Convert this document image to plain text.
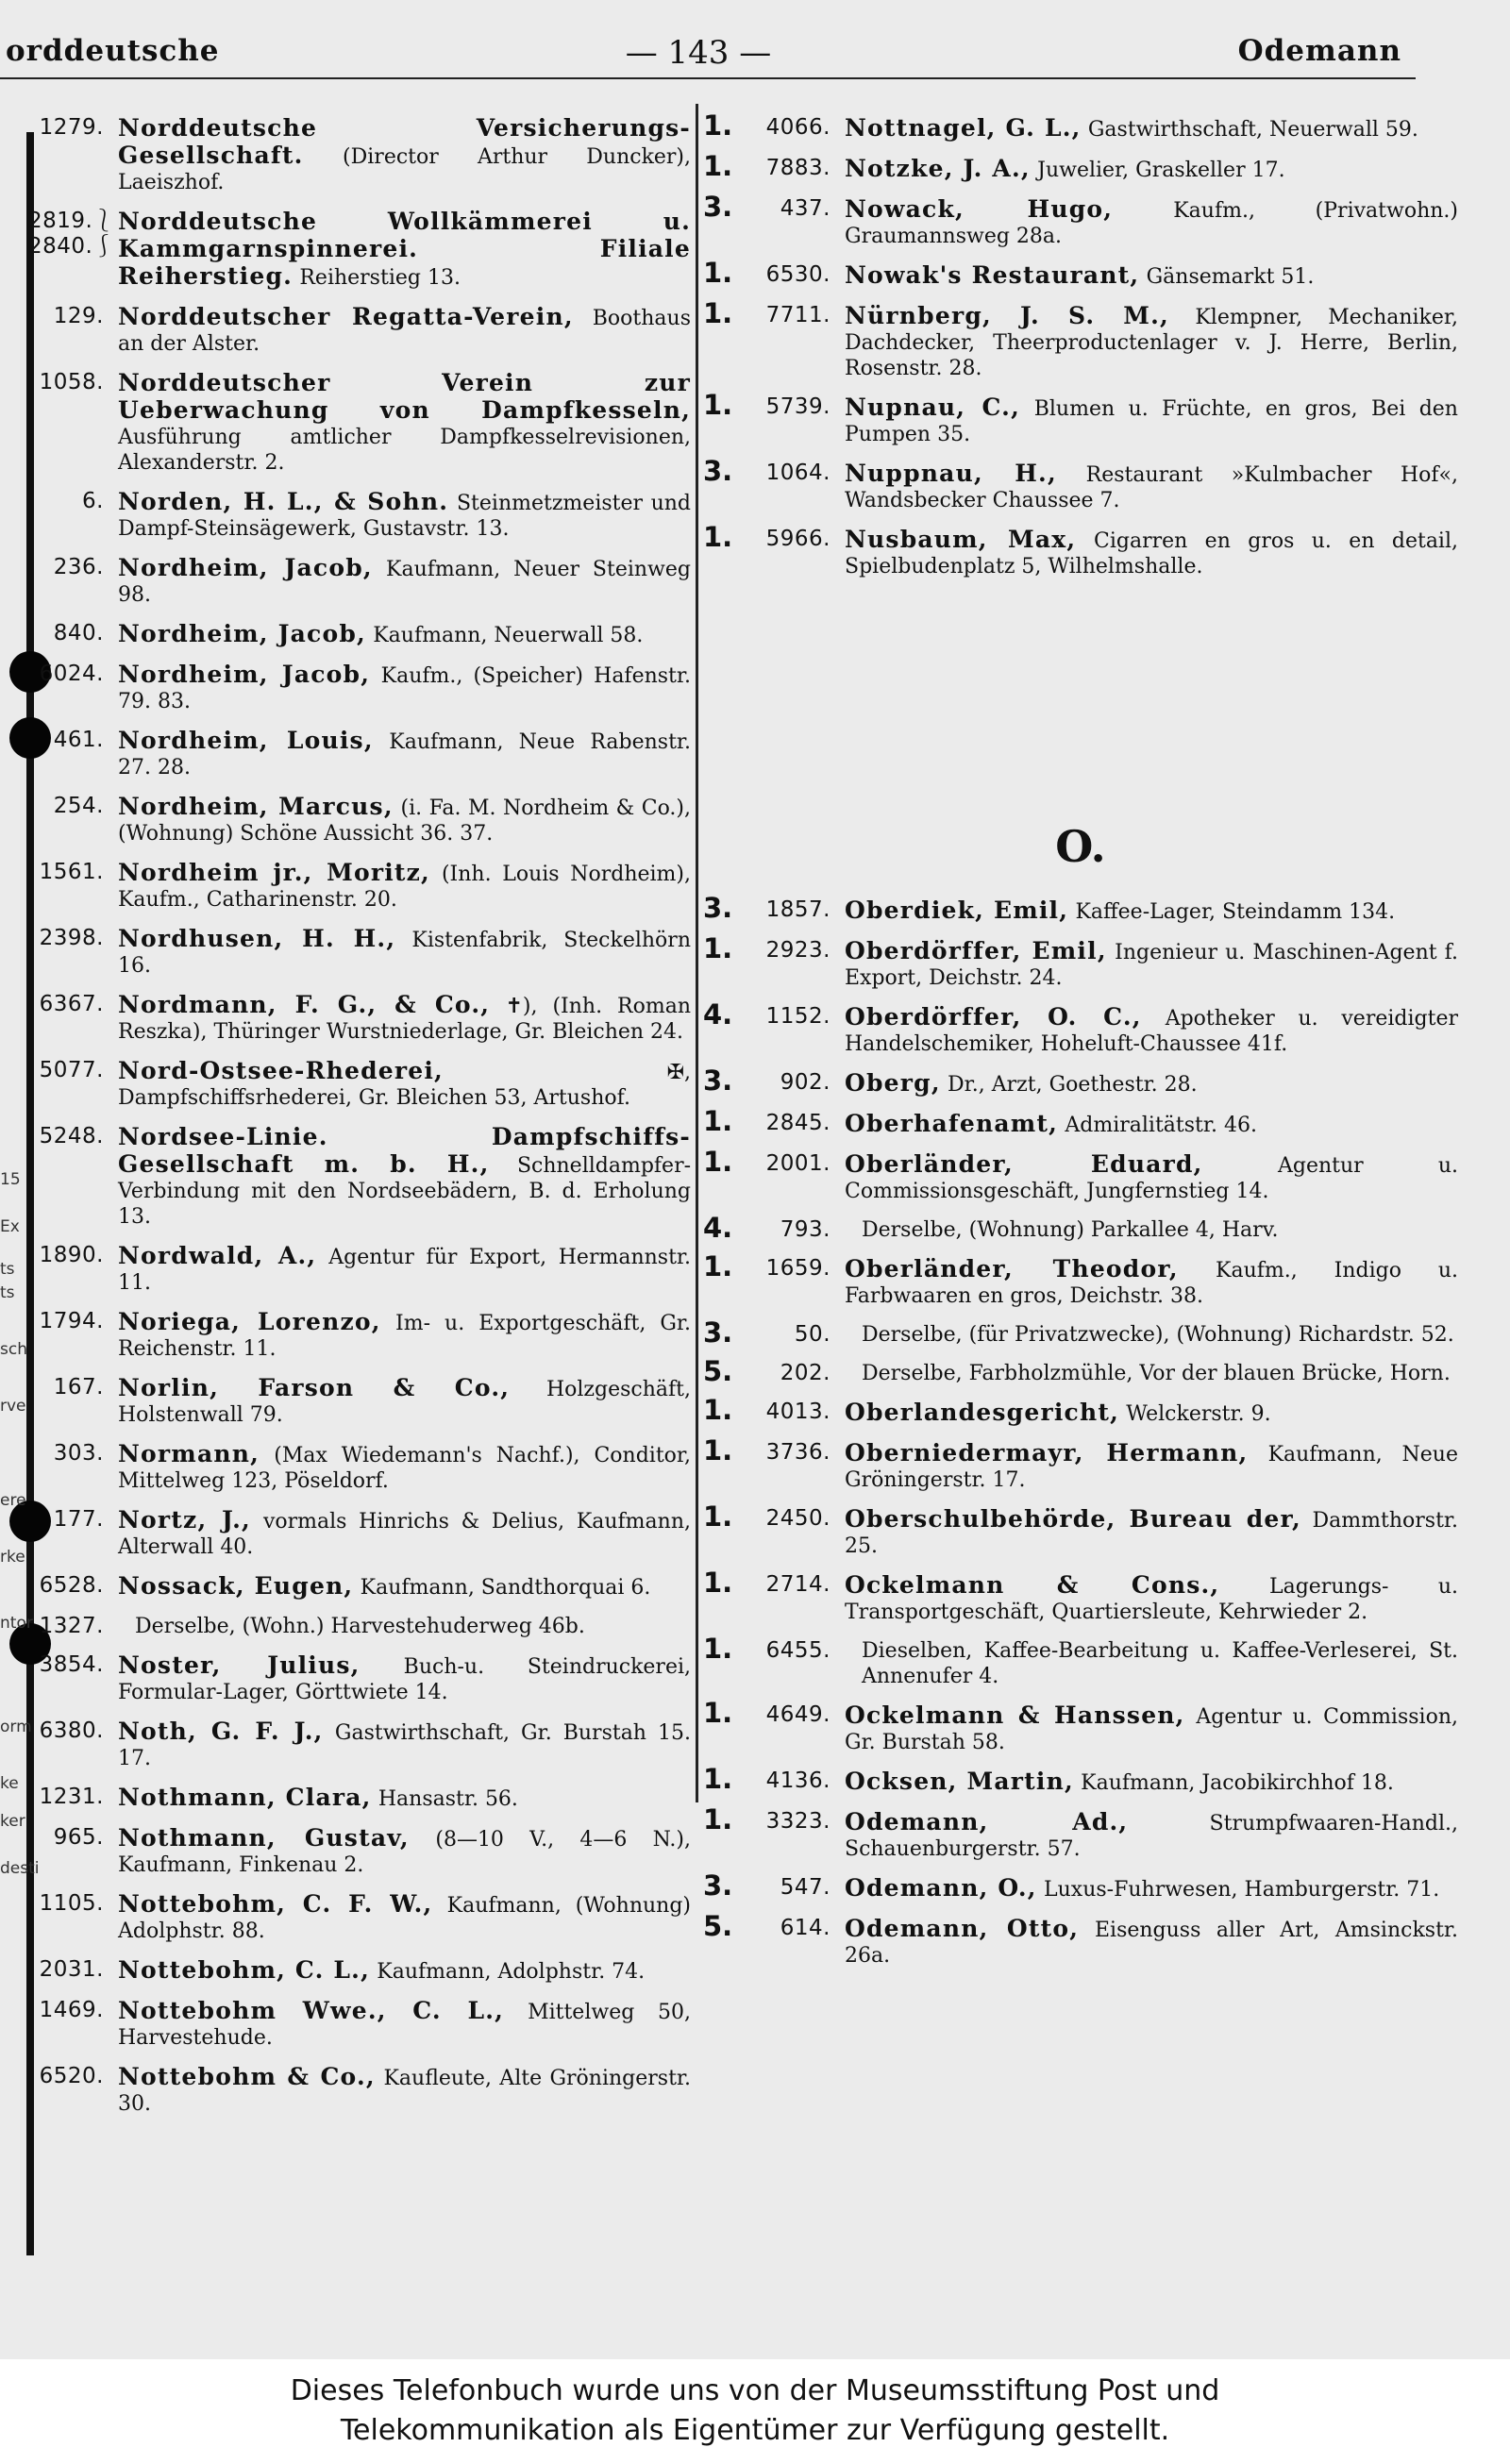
orddeutsche	— 143 —	Odemann
15
Ex
ts
ts
sch
rve
ere
rke
ntor
orm
ke
ker
desti
1279. Norddeutsche Versicherungs-Gesellschaft. (Director Arthur Duncker), Laeiszhof.
2819.⎱
2840.⎰
Norddeutsche Wollkämmerei u. Kammgarnspinnerei. Filiale Reiherstieg. Reiherstieg 13.
129. Norddeutscher Regatta-Verein, Boothaus an der Alster.
1058. Norddeutscher Verein zur Ueberwachung von Dampfkesseln, Ausführung amtlicher Dampfkesselrevisionen, Alexanderstr. 2.
6. Norden, H. L., & Sohn. Steinmetzmeister und Dampf-Steinsägewerk, Gustavstr. 13.
236. Nordheim, Jacob, Kaufmann, Neuer Steinweg 98.
840. Nordheim, Jacob, Kaufmann, Neuerwall 58.
6024. Nordheim, Jacob, Kaufm., (Speicher) Hafenstr. 79. 83.
461. Nordheim, Louis, Kaufmann, Neue Rabenstr. 27. 28.
254. Nordheim, Marcus, (i. Fa. M. Nordheim & Co.), (Wohnung) Schöne Aussicht 36. 37.
1561. Nordheim jr., Moritz, (Inh. Louis Nordheim), Kaufm., Catharinenstr. 20.
2398. Nordhusen, H. H., Kistenfabrik, Steckelhörn 16.
6367. Nordmann, F. G., & Co., ✝), (Inh. Roman Reszka), Thüringer Wurstniederlage, Gr. Bleichen 24.
5077. Nord-Ostsee-Rhederei,	✠, Dampfschiffsrhederei, Gr. Bleichen 53, Artushof.
5248. Nordsee-Linie. Dampfschiffs-Gesellschaft m. b. H., Schnelldampfer-Verbindung mit den Nordseebädern, B. d. Erholung 13.
1890. Nordwald, A., Agentur für Export, Hermannstr. 11.
1794. Noriega, Lorenzo, Im- u. Exportgeschäft, Gr. Reichenstr. 11.
167. Norlin, Farson & Co., Holzgeschäft, Holstenwall 79.
303. Normann, (Max Wiedemann's Nachf.), Conditor, Mittelweg 123, Pöseldorf.
177. Nortz, J., vormals Hinrichs & Delius, Kaufmann, Alterwall 40.
6528. Nossack, Eugen, Kaufmann, Sandthorquai 6.
1327.	Derselbe, (Wohn.) Harvestehuderweg 46b.
3854. Noster, Julius, Buch-u. Steindruckerei, Formular-Lager, Görttwiete 14.
6380. Noth, G. F. J., Gastwirthschaft, Gr. Burstah 15. 17.
1231. Nothmann, Clara, Hansastr. 56.
965. Nothmann, Gustav, (8—10 V., 4—6 N.), Kaufmann, Finkenau 2.
1105. Nottebohm, C. F. W., Kaufmann, (Wohnung) Adolphstr. 88.
2031. Nottebohm, C. L., Kaufmann, Adolphstr. 74.
1469. Nottebohm Wwe., C. L., Mittelweg 50, Harvestehude.
6520. Nottebohm & Co., Kaufleute, Alte Gröningerstr. 30.
1.	4066. Nottnagel, G. L., Gastwirthschaft, Neuerwall 59.
1.	7883. Notzke, J. A., Juwelier, Graskeller 17.
3.	437. Nowack, Hugo,	Kaufm., (Privatwohn.) Graumannsweg 28a.
1.	6530. Nowak's Restaurant, Gänsemarkt 51.
1.	7711. Nürnberg, J. S. M., Klempner, Mechaniker, Dachdecker, Theerproductenlager v. J. Herre, Berlin, Rosenstr. 28.
1.	5739. Nupnau, C., Blumen u. Früchte, en gros, Bei den Pumpen 35.
3.	1064. Nuppnau, H., Restaurant »Kulmbacher Hof«, Wandsbecker Chaussee 7.
1.	5966. Nusbaum, Max, Cigarren en gros u. en detail, Spielbudenplatz 5, Wilhelmshalle.
O.
3.	1857. Oberdiek, Emil, Kaffee-Lager, Steindamm 134.
1.	2923. Oberdörffer, Emil, Ingenieur u. Maschinen-Agent f. Export, Deichstr. 24.
4.	1152. Oberdörffer, O. C., Apotheker u. vereidigter Handelschemiker, Hoheluft-Chaussee 41f.
3.	902. Oberg, Dr., Arzt, Goethestr. 28.
1.	2845. Oberhafenamt, Admiralitätstr. 46.
1.	2001. Oberländer, Eduard,	Agentur u. Commissionsgeschäft, Jungfernstieg 14.
4.	793.	Derselbe, (Wohnung) Parkallee 4, Harv.
1.	1659. Oberländer, Theodor, Kaufm., Indigo u. Farbwaaren en gros, Deichstr. 38.
3.	50.	Derselbe, (für Privatzwecke), (Wohnung) Richardstr. 52.
5.	202.	Derselbe, Farbholzmühle, Vor der blauen Brücke, Horn.
1.	4013. Oberlandesgericht, Welckerstr. 9.
1.	3736. Oberniedermayr, Hermann, Kaufmann, Neue Gröningerstr. 17.
1.	2450. Oberschulbehörde, Bureau der, Dammthorstr. 25.
1.	2714. Ockelmann & Cons., Lagerungs- u. Transportgeschäft, Quartiersleute, Kehrwieder 2.
1.	6455.	Dieselben, Kaffee-Bearbeitung u. Kaffee-Verleserei, St. Annenufer 4.
1.	4649. Ockelmann & Hanssen, Agentur u. Commission, Gr. Burstah 58.
1.	4136. Ocksen, Martin, Kaufmann, Jacobikirchhof 18.
1.	3323. Odemann, Ad.,	Strumpfwaaren-Handl., Schauenburgerstr. 57.
3.	547. Odemann, O., Luxus-Fuhrwesen, Hamburgerstr. 71.
5.	614. Odemann, Otto, Eisenguss aller Art, Amsinckstr. 26a.
Dieses Telefonbuch wurde uns von der Museumsstiftung Post und
Telekommunikation als Eigentümer zur Verfügung gestellt.
